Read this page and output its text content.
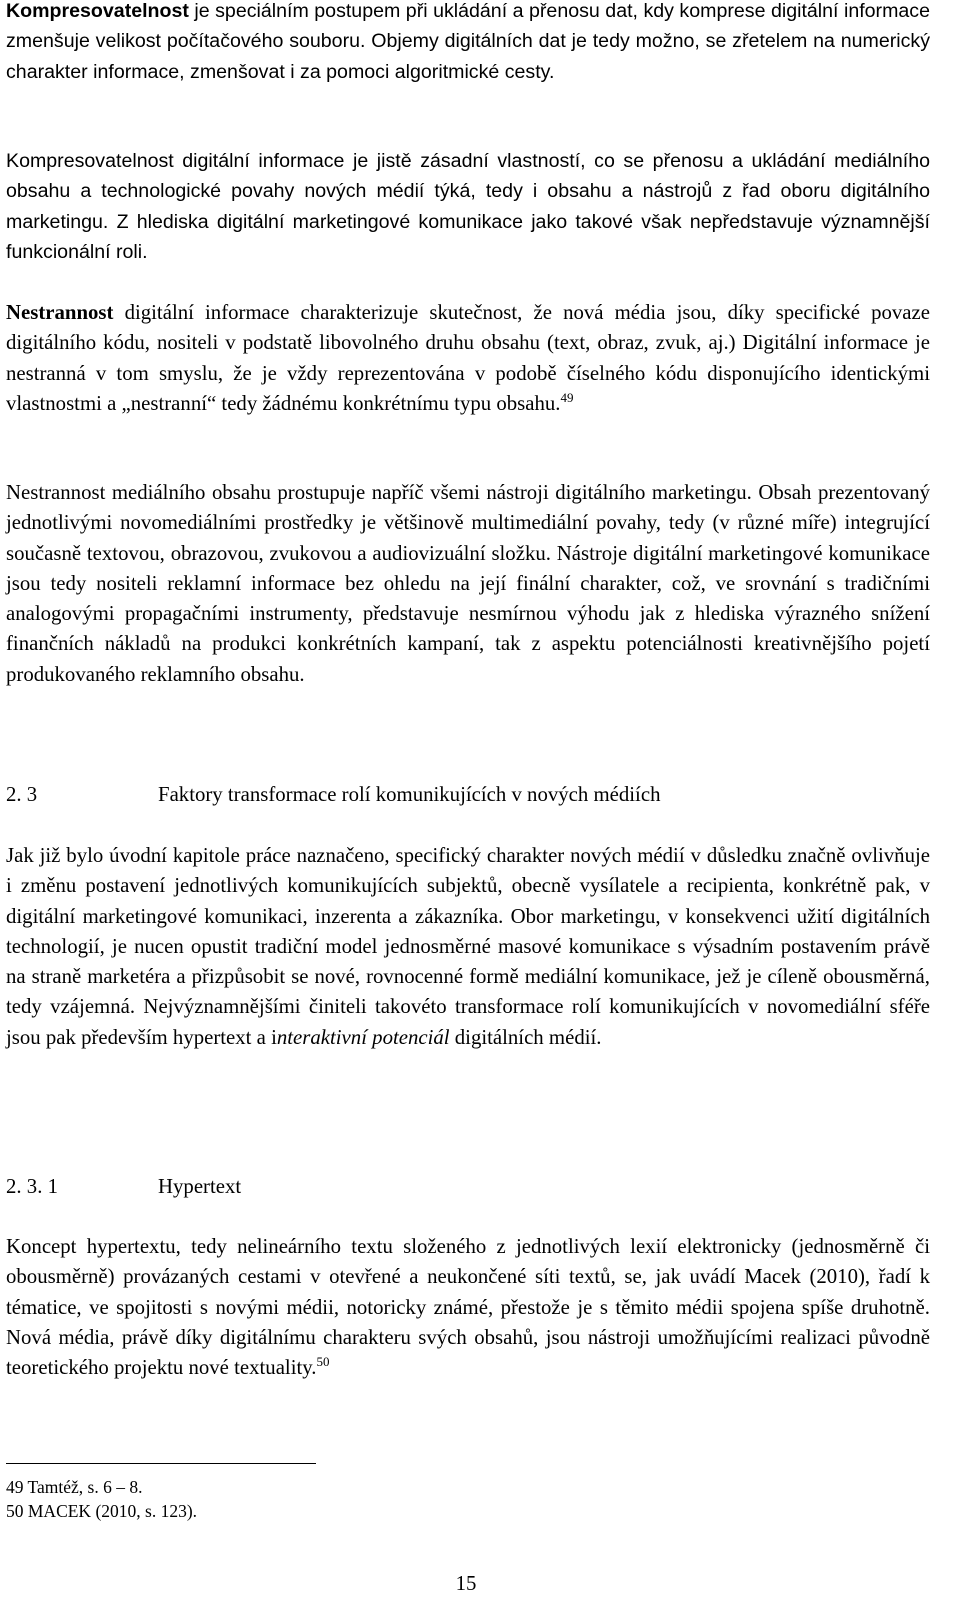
Kompresovatelnost je speciálním postupem při ukládání a přenosu dat, kdy komprese digitální informace zmenšuje velikost počítačového souboru. Objemy digitálních dat je tedy možno, se zřetelem na numerický charakter informace, zmenšovat i za pomoci algoritmické cesty.

Kompresovatelnost digitální informace je jistě zásadní vlastností, co se přenosu a ukládání mediálního obsahu a technologické povahy nových médií týká, tedy i obsahu a nástrojů z řad oboru digitálního marketingu. Z hlediska digitální marketingové komunikace jako takové však nepředstavuje významnější funkcionální roli.

Nestrannost digitální informace charakterizuje skutečnost, že nová média jsou, díky specifické povaze digitálního kódu, nositeli v podstatě libovolného druhu obsahu (text, obraz, zvuk, aj.) Digitální informace je nestranná v tom smyslu, že je vždy reprezentována v podobě číselného kódu disponujícího identickými vlastnostmi a „nestranní“ tedy žádnému konkrétnímu typu obsahu.$^{49}$

Nestrannost mediálního obsahu prostupuje napříč všemi nástroji digitálního marketingu. Obsah prezentovaný jednotlivými novomediálními prostředky je většinově multimediální povahy, tedy (v různé míře) integrující současně textovou, obrazovou, zvukovou a audiovizuální složku. Nástroje digitální marketingové komunikace jsou tedy nositeli reklamní informace bez ohledu na její finální charakter, což, ve srovnání s tradičními analogovými propagačními instrumenty, představuje nesmírnou výhodu jak z hlediska výrazného snížení finančních nákladů na produkci konkrétních kampaní, tak z aspektu potenciálnosti kreativnějšího pojetí produkovaného reklamního obsahu.

2. 3	Faktory transformace rolí komunikujících v nových médiích

Jak již bylo úvodní kapitole práce naznačeno, specifický charakter nových médií v důsledku značně ovlivňuje i změnu postavení jednotlivých komunikujících subjektů, obecně vysílatele a recipienta, konkrétně pak, v digitální marketingové komunikaci, inzerenta a zákazníka. Obor marketingu, v konsekvenci užití digitálních technologií, je nucen opustit tradiční model jednosměrné masové komunikace s výsadním postavením právě na straně marketéra a přizpůsobit se nové, rovnocenné formě mediální komunikace, jež je cíleně obousměrná, tedy vzájemná. Nejvýznamnějšími činiteli takovéto transformace rolí komunikujících v novomediální sféře jsou pak především hypertext a interaktivní potenciál digitálních médií.

2. 3. 1	Hypertext

Koncept hypertextu, tedy nelineárního textu složeného z jednotlivých lexií elektronicky (jednosměrně či obousměrně) provázaných cestami v otevřené a neukončené síti textů, se, jak uvádí Macek (2010), řadí k tématice, ve spojitosti s novými médii, notoricky známé, přestože je s těmito médii spojena spíše druhotně. Nová média, právě díky digitálnímu charakteru svých obsahů, jsou nástroji umožňujícími realizaci původně teoretického projektu nové textuality.$^{50}$

49 Tamtéž, s. 6 – 8.

50 MACEK (2010, s. 123).

15
